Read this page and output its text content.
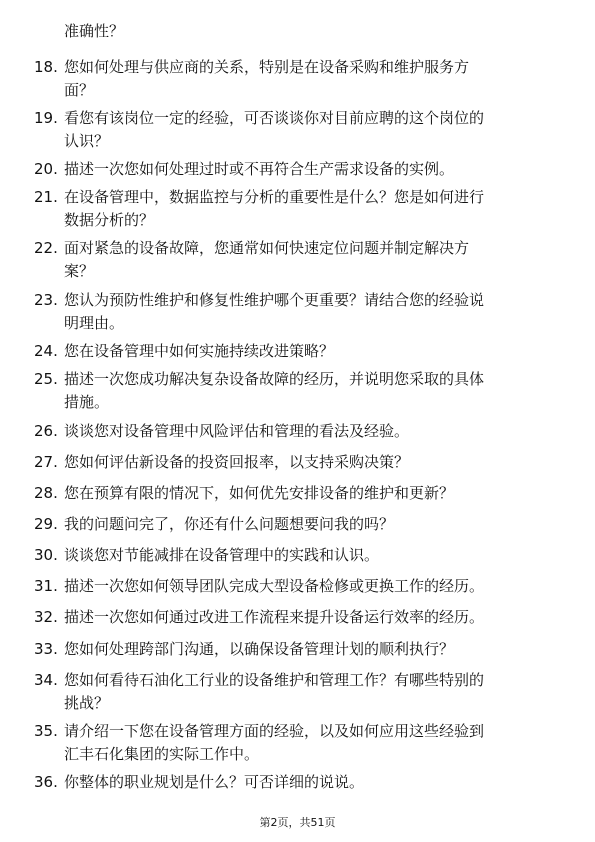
准确性？
18. 您如何处理与供应商的关系，特别是在设备采购和维护服务方
面？
19. 看您有该岗位一定的经验，可否谈谈你对目前应聘的这个岗位的
认识？
20. 描述一次您如何处理过时或不再符合生产需求设备的实例。
21. 在设备管理中，数据监控与分析的重要性是什么？您是如何进行
数据分析的？
22. 面对紧急的设备故障，您通常如何快速定位问题并制定解决方
案？
23. 您认为预防性维护和修复性维护哪个更重要？请结合您的经验说
明理由。
24. 您在设备管理中如何实施持续改进策略？
25. 描述一次您成功解决复杂设备故障的经历，并说明您采取的具体
措施。
26. 谈谈您对设备管理中风险评估和管理的看法及经验。
27. 您如何评估新设备的投资回报率，以支持采购决策？
28. 您在预算有限的情况下，如何优先安排设备的维护和更新？
29. 我的问题问完了，你还有什么问题想要问我的吗？
30. 谈谈您对节能减排在设备管理中的实践和认识。
31. 描述一次您如何领导团队完成大型设备检修或更换工作的经历。
32. 描述一次您如何通过改进工作流程来提升设备运行效率的经历。
33. 您如何处理跨部门沟通，以确保设备管理计划的顺利执行？
34. 您如何看待石油化工行业的设备维护和管理工作？有哪些特别的
挑战？
35. 请介绍一下您在设备管理方面的经验，以及如何应用这些经验到
汇丰石化集团的实际工作中。
36. 你整体的职业规划是什么？可否详细的说说。
第2页，共51页
